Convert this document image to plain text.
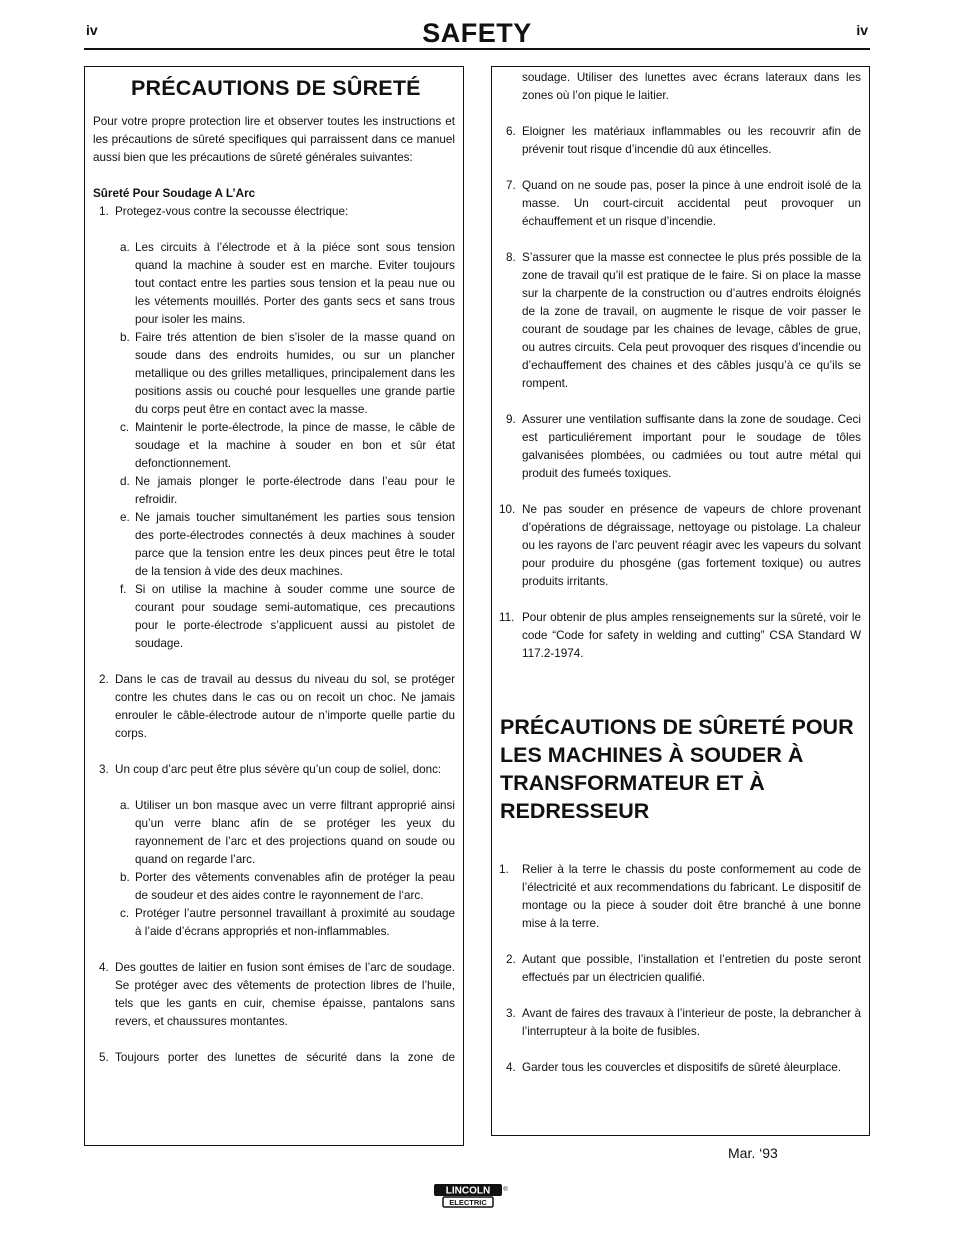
iv	SAFETY	iv
PRÉCAUTIONS DE SÛRETÉ

Pour votre propre protection lire et observer toutes les instructions et les précautions de sûreté specifiques qui parraissent dans ce manuel aussi bien que les précautions de sûreté générales suivantes:

Sûreté Pour Soudage A L’Arc

1. Protegez-vous contre la secousse électrique:
a. Les circuits à l’électrode et à la piéce sont sous tension quand la machine à souder est en marche. Eviter toujours tout contact entre les parties sous tension et la peau nue ou les vétements mouillés. Porter des gants secs et sans trous pour isoler les mains.
b. Faire trés attention de bien s’isoler de la masse quand on soude dans des endroits humides, ou sur un plancher metallique ou des grilles metalliques, principalement dans les positions assis ou couché pour lesquelles une grande partie du corps peut être en contact avec la masse.
c. Maintenir le porte-électrode, la pince de masse, le câble de soudage et la machine à souder en bon et sûr état defonctionnement.
d. Ne jamais plonger le porte-électrode dans l’eau pour le refroidir.
e. Ne jamais toucher simultanément les parties sous tension des porte-électrodes connectés à deux machines à souder parce que la tension entre les deux pinces peut être le total de la tension à vide des deux machines.
f. Si on utilise la machine à souder comme une source de courant pour soudage semi-automatique, ces precautions pour le porte-électrode s’applicuent aussi au pistolet de soudage.
2. Dans le cas de travail au dessus du niveau du sol, se protéger contre les chutes dans le cas ou on recoit un choc. Ne jamais enrouler le câble-électrode autour de n’importe quelle partie du corps.
3. Un coup d’arc peut être plus sévère qu’un coup de soliel, donc:
a. Utiliser un bon masque avec un verre filtrant approprié ainsi qu’un verre blanc afin de se protéger les yeux du rayonnement de l’arc et des projections quand on soude ou quand on regarde l’arc.
b. Porter des vêtements convenables afin de protéger la peau de soudeur et des aides contre le rayonnement de l‘arc.
c. Protéger l’autre personnel travaillant à proximité au soudage à l’aide d’écrans appropriés et non-inflammables.
4. Des gouttes de laitier en fusion sont émises de l’arc de soudage. Se protéger avec des vêtements de protection libres de l’huile, tels que les gants en cuir, chemise épaisse, pantalons sans revers, et chaussures montantes.
5. Toujours porter des lunettes de sécurité dans la zone de
soudage. Utiliser des lunettes avec écrans lateraux dans les zones où l’on pique le laitier.
6. Eloigner les matériaux inflammables ou les recouvrir afin de prévenir tout risque d’incendie dû aux étincelles.
7. Quand on ne soude pas, poser la pince à une endroit isolé de la masse. Un court-circuit accidental peut provoquer un échauffement et un risque d’incendie.
8. S’assurer que la masse est connectee le plus prés possible de la zone de travail qu’il est pratique de le faire. Si on place la masse sur la charpente de la construction ou d’autres endroits éloignés de la zone de travail, on augmente le risque de voir passer le courant de soudage par les chaines de levage, câbles de grue, ou autres circuits. Cela peut provoquer des risques d’incendie ou d’echauffement des chaines et des câbles jusqu’à ce qu’ils se rompent.
9. Assurer une ventilation suffisante dans la zone de soudage. Ceci est particuliérement important pour le soudage de tôles galvanisées plombées, ou cadmiées ou tout autre métal qui produit des fumeés toxiques.
10. Ne pas souder en présence de vapeurs de chlore provenant d’opérations de dégraissage, nettoyage ou pistolage. La chaleur ou les rayons de l’arc peuvent réagir avec les vapeurs du solvant pour produire du phosgéne (gas fortement toxique) ou autres produits irritants.
11. Pour obtenir de plus amples renseignements sur la sûreté, voir le code “Code for safety in welding and cutting” CSA Standard W 117.2-1974.
PRÉCAUTIONS DE SÛRETÉ POUR LES MACHINES À SOUDER À TRANSFORMATEUR ET À REDRESSEUR
1. Relier à la terre le chassis du poste conformement au code de l’électricité et aux recommendations du fabricant. Le dispositif de montage ou la piece à souder doit être branché à une bonne mise à la terre.
2. Autant que possible, l’installation et l’entretien du poste seront effectués par un électricien qualifié.
3. Avant de faires des travaux à l’interieur de poste, la debrancher à l’interrupteur à la boite de fusibles.
4. Garder tous les couvercles et dispositifs de sûreté àleurplace.
Mar. ‘93
LINCOLN ®
ELECTRIC
